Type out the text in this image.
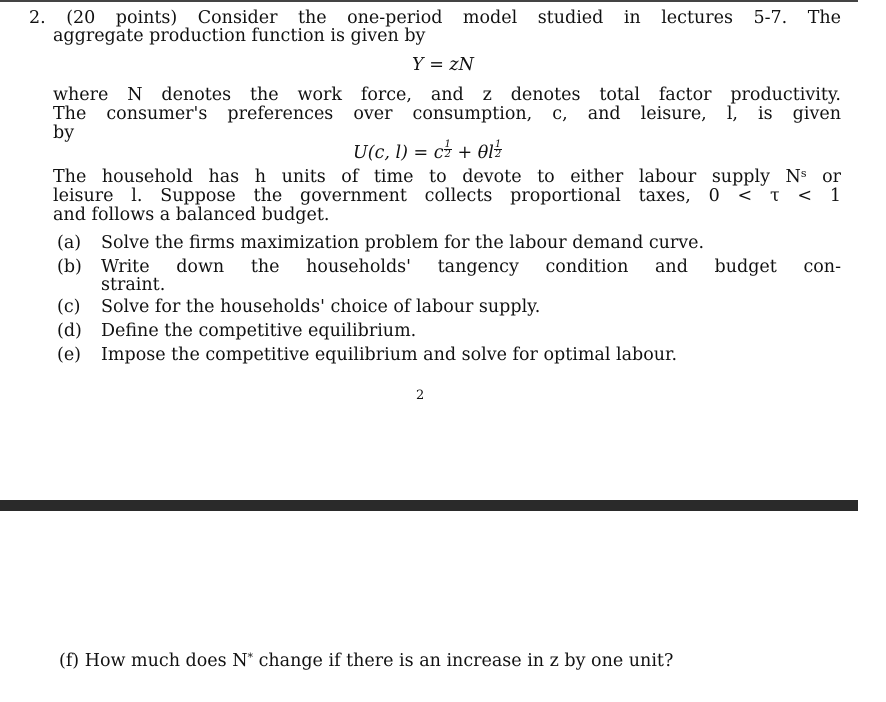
2. (20 points) Consider the one-period model studied in lectures 5-7. The
aggregate production function is given by
Y = zN
where N denotes the work force, and z denotes total factor productivity.
The consumer's preferences over consumption, c, and leisure, l, is given
by
U(c, l) = c $\frac{1}{2} + \theta l \frac{1}{2}$
The household has h units of time to devote to either labour supply $N^s$ or
leisure l. Suppose the government collects proportional taxes, 0 < τ < 1
and follows a balanced budget.
(a) Solve the firms maximization problem for the labour demand curve.
(b) Write down the households' tangency condition and budget con-
straint.
(c) Solve for the households' choice of labour supply.
(d) Define the competitive equilibrium.
(e) Impose the competitive equilibrium and solve for optimal labour.
2
(f) How much does N* change if there is an increase in z by one unit?
